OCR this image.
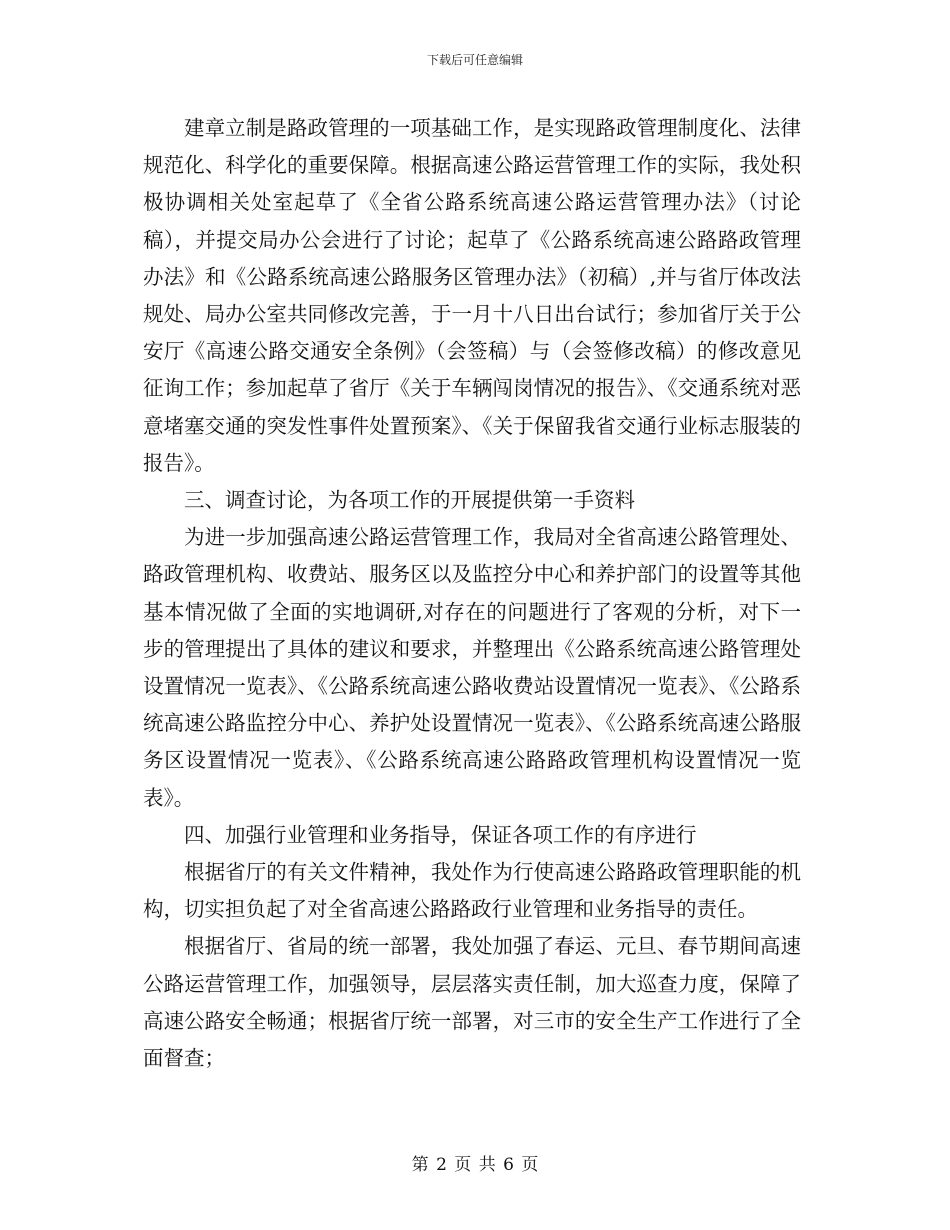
下载后可任意编辑

建章立制是路政管理的一项基础工作，是实现路政管理制度化、法律规范化、科学化的重要保障。根据高速公路运营管理工作的实际，我处积极协调相关处室起草了《全省公路系统高速公路运营管理办法》（讨论稿），并提交局办公会进行了讨论；起草了《公路系统高速公路路政管理办法》和《公路系统高速公路服务区管理办法》（初稿）,并与省厅体改法规处、局办公室共同修改完善，于一月十八日出台试行；参加省厅关于公安厅《高速公路交通安全条例》（会签稿）与（会签修改稿）的修改意见征询工作；参加起草了省厅《关于车辆闯岗情况的报告》、《交通系统对恶意堵塞交通的突发性事件处置预案》、《关于保留我省交通行业标志服装的报告》。

三、调查讨论，为各项工作的开展提供第一手资料

为进一步加强高速公路运营管理工作，我局对全省高速公路管理处、路政管理机构、收费站、服务区以及监控分中心和养护部门的设置等其他基本情况做了全面的实地调研,对存在的问题进行了客观的分析，对下一步的管理提出了具体的建议和要求，并整理出《公路系统高速公路管理处设置情况一览表》、《公路系统高速公路收费站设置情况一览表》、《公路系统高速公路监控分中心、养护处设置情况一览表》、《公路系统高速公路服务区设置情况一览表》、《公路系统高速公路路政管理机构设置情况一览表》。

四、加强行业管理和业务指导，保证各项工作的有序进行

根据省厅的有关文件精神，我处作为行使高速公路路政管理职能的机构，切实担负起了对全省高速公路路政行业管理和业务指导的责任。

根据省厅、省局的统一部署，我处加强了春运、元旦、春节期间高速公路运营管理工作，加强领导，层层落实责任制，加大巡查力度，保障了高速公路安全畅通；根据省厅统一部署，对三市的安全生产工作进行了全面督查；

第 2 页 共 6 页
